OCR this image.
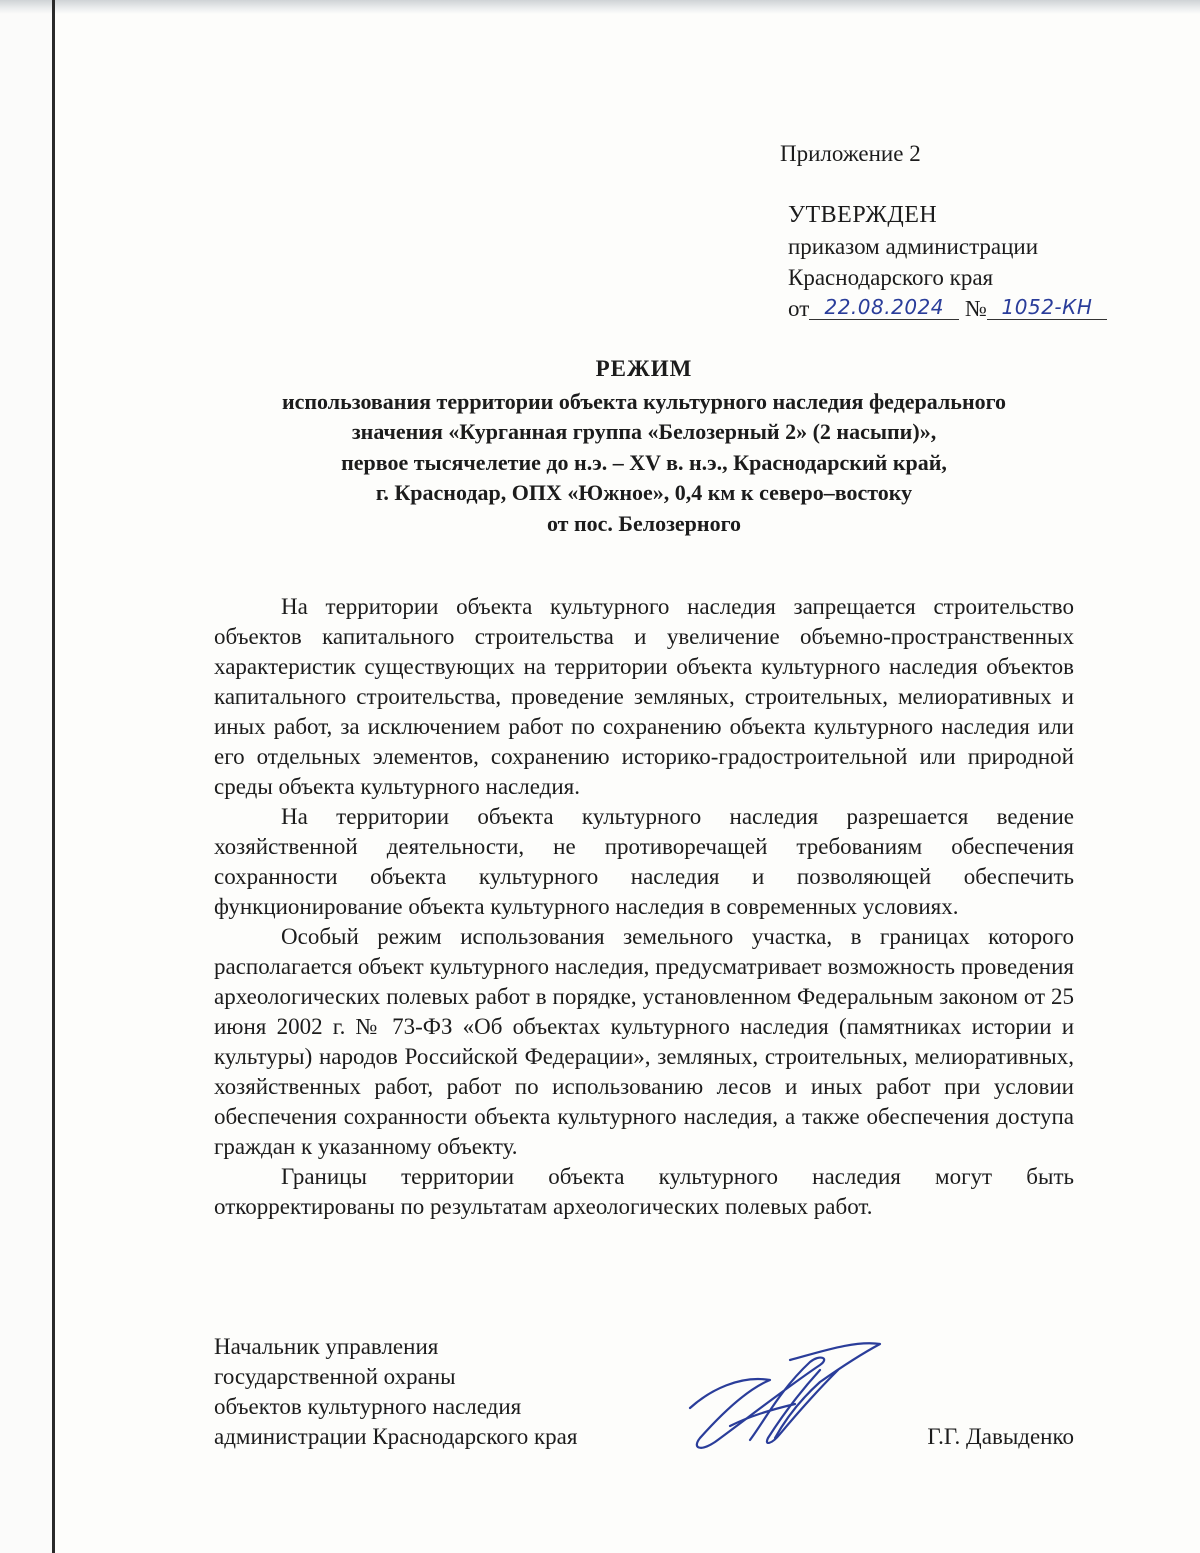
Приложение 2
УТВЕРЖДЕН
приказом администрации
Краснодарского края
от 22.08.2024 № 1052-КН
РЕЖИМ
использования территории объекта культурного наследия федерального
значения «Курганная группа «Белозерный 2» (2 насыпи)»,
первое тысячелетие до н.э. – XV в. н.э., Краснодарский край,
г. Краснодар, ОПХ «Южное», 0,4 км к северо–востоку
от пос. Белозерного

На территории объекта культурного наследия запрещается строительство объектов капитального строительства и увеличение объемно-пространственных характеристик существующих на территории объекта культурного наследия объектов капитального строительства, проведение земляных, строительных, мелиоративных и иных работ, за исключением работ по сохранению объекта культурного наследия или его отдельных элементов, сохранению историко-градостроительной или природной среды объекта культурного наследия.

На территории объекта культурного наследия разрешается ведение хозяйственной деятельности, не противоречащей требованиям обеспечения сохранности объекта культурного наследия и позволяющей обеспечить функционирование объекта культурного наследия в современных условиях.

Особый режим использования земельного участка, в границах которого располагается объект культурного наследия, предусматривает возможность проведения археологических полевых работ в порядке, установленном Федеральным законом от 25 июня 2002 г. № 73-ФЗ «Об объектах культурного наследия (памятниках истории и культуры) народов Российской Федерации», земляных, строительных, мелиоративных, хозяйственных работ, работ по использованию лесов и иных работ при условии обеспечения сохранности объекта культурного наследия, а также обеспечения доступа граждан к указанному объекту.

Границы территории объекта культурного наследия могут быть откорректированы по результатам археологических полевых работ.

Начальник управления
государственной охраны
объектов культурного наследия
администрации Краснодарского края	Г.Г. Давыденко
